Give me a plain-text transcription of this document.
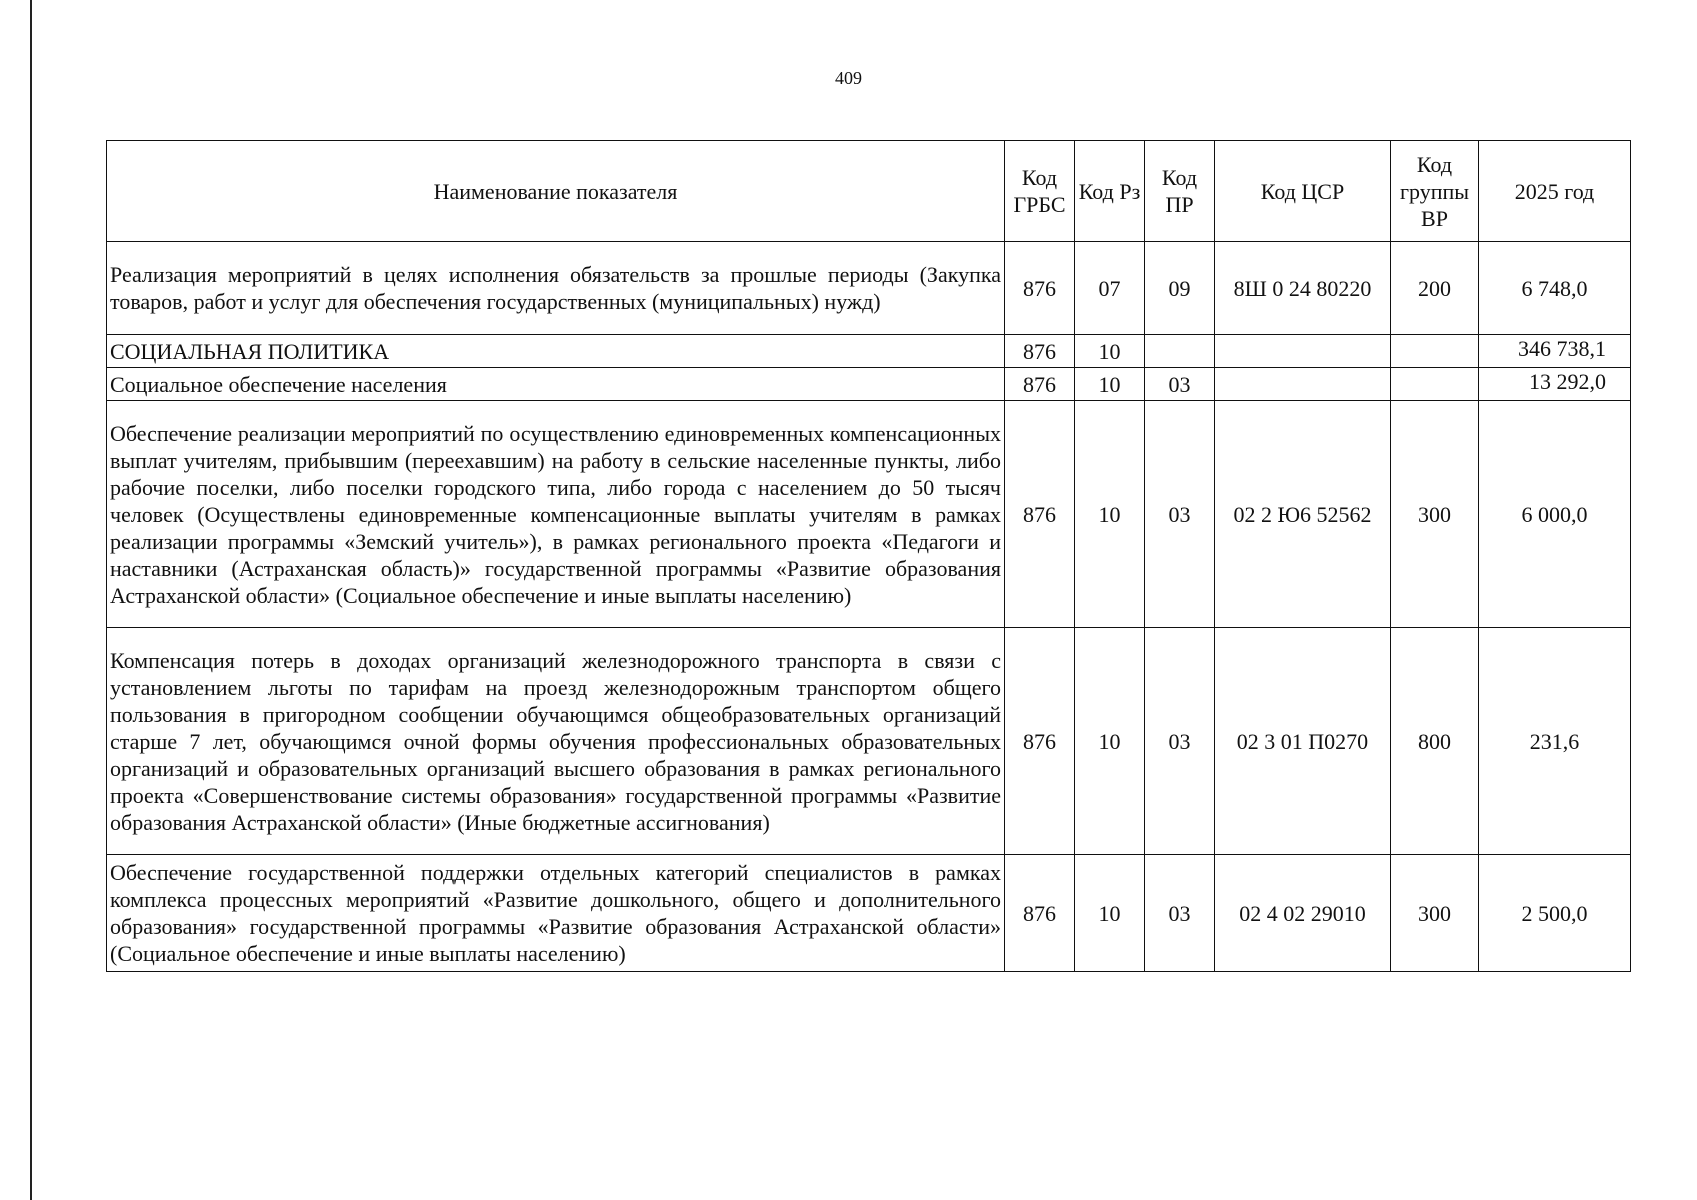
409
Наименование показателя	Код ГРБС	Код Рз	Код ПР	Код ЦСР	Код группы ВР	2025 год
Реализация мероприятий в целях исполнения обязательств за прошлые периоды (Закупка товаров, работ и услуг для обеспечения государственных (муниципальных) нужд)	876	07	09	8Ш 0 24 80220	200	6 748,0
СОЦИАЛЬНАЯ ПОЛИТИКА	876	10				346 738,1
Социальное обеспечение населения	876	10	03			13 292,0
Обеспечение реализации мероприятий по осуществлению единовременных компенсационных выплат учителям, прибывшим (переехавшим) на работу в сельские населенные пункты, либо рабочие поселки, либо поселки городского типа, либо города с населением до 50 тысяч человек (Осуществлены единовременные компенсационные выплаты учителям в рамках реализации программы «Земский учитель»), в рамках регионального проекта «Педагоги и наставники (Астраханская область)» государственной программы «Развитие образования Астраханской области» (Социальное обеспечение и иные выплаты населению)	876	10	03	02 2 Ю6 52562	300	6 000,0
Компенсация потерь в доходах организаций железнодорожного транспорта в связи с установлением льготы по тарифам на проезд железнодорожным транспортом общего пользования в пригородном сообщении обучающимся общеобразовательных организаций старше 7 лет, обучающимся очной формы обучения профессиональных образовательных организаций и образовательных организаций высшего образования в рамках регионального проекта «Совершенствование системы образования» государственной программы «Развитие образования Астраханской области» (Иные бюджетные ассигнования)	876	10	03	02 3 01 П0270	800	231,6
Обеспечение государственной поддержки отдельных категорий специалистов в рамках комплекса процессных мероприятий «Развитие дошкольного, общего и дополнительного образования» государственной программы «Развитие образования Астраханской области» (Социальное обеспечение и иные выплаты населению)	876	10	03	02 4 02 29010	300	2 500,0
